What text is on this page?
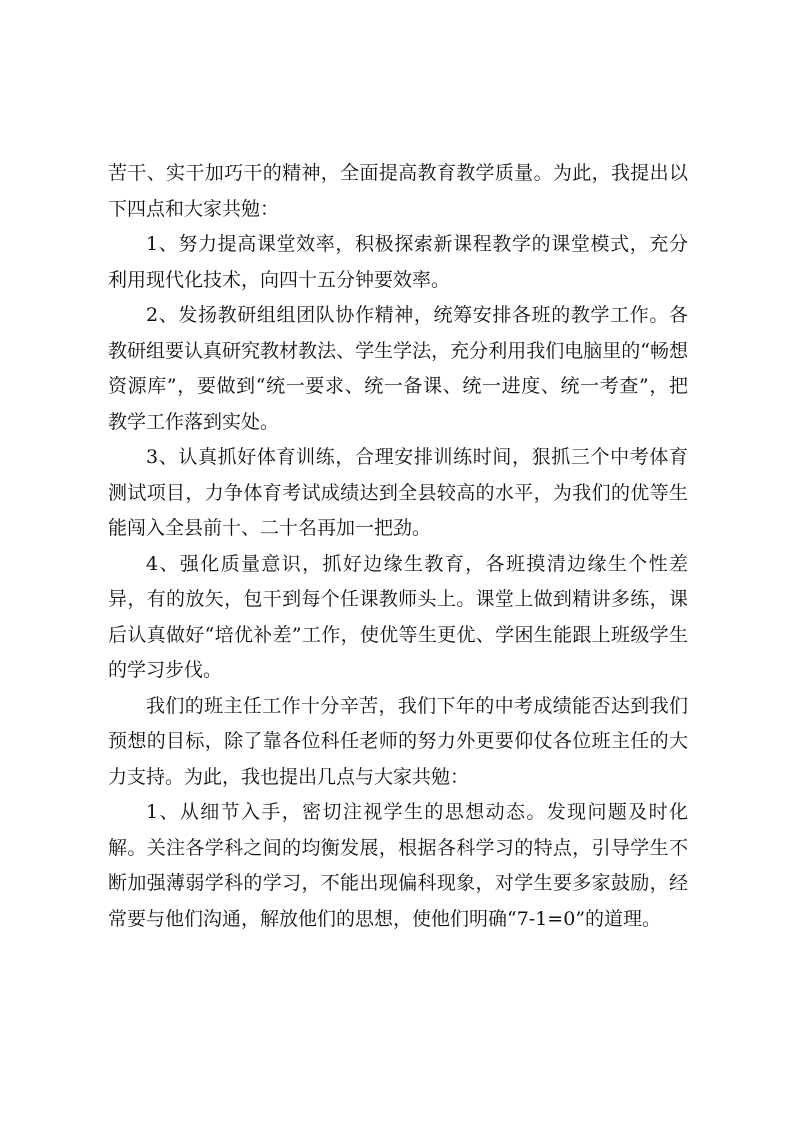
苦干、实干加巧干的精神，全面提高教育教学质量。为此，我提出以下四点和大家共勉：

1、努力提高课堂效率，积极探索新课程教学的课堂模式，充分利用现代化技术，向四十五分钟要效率。

2、发扬教研组组团队协作精神，统筹安排各班的教学工作。各教研组要认真研究教材教法、学生学法，充分利用我们电脑里的“畅想资源库”，要做到“统一要求、统一备课、统一进度、统一考查”，把教学工作落到实处。

3、认真抓好体育训练，合理安排训练时间，狠抓三个中考体育测试项目，力争体育考试成绩达到全县较高的水平，为我们的优等生能闯入全县前十、二十名再加一把劲。

4、强化质量意识，抓好边缘生教育，各班摸清边缘生个性差异，有的放矢，包干到每个任课教师头上。课堂上做到精讲多练，课后认真做好“培优补差”工作，使优等生更优、学困生能跟上班级学生的学习步伐。

我们的班主任工作十分辛苦，我们下年的中考成绩能否达到我们预想的目标，除了靠各位科任老师的努力外更要仰仗各位班主任的大力支持。为此，我也提出几点与大家共勉：

1、从细节入手，密切注视学生的思想动态。发现问题及时化解。关注各学科之间的均衡发展，根据各科学习的特点，引导学生不断加强薄弱学科的学习，不能出现偏科现象，对学生要多家鼓励，经常要与他们沟通，解放他们的思想，使他们明确“7-1=0”的道理。
